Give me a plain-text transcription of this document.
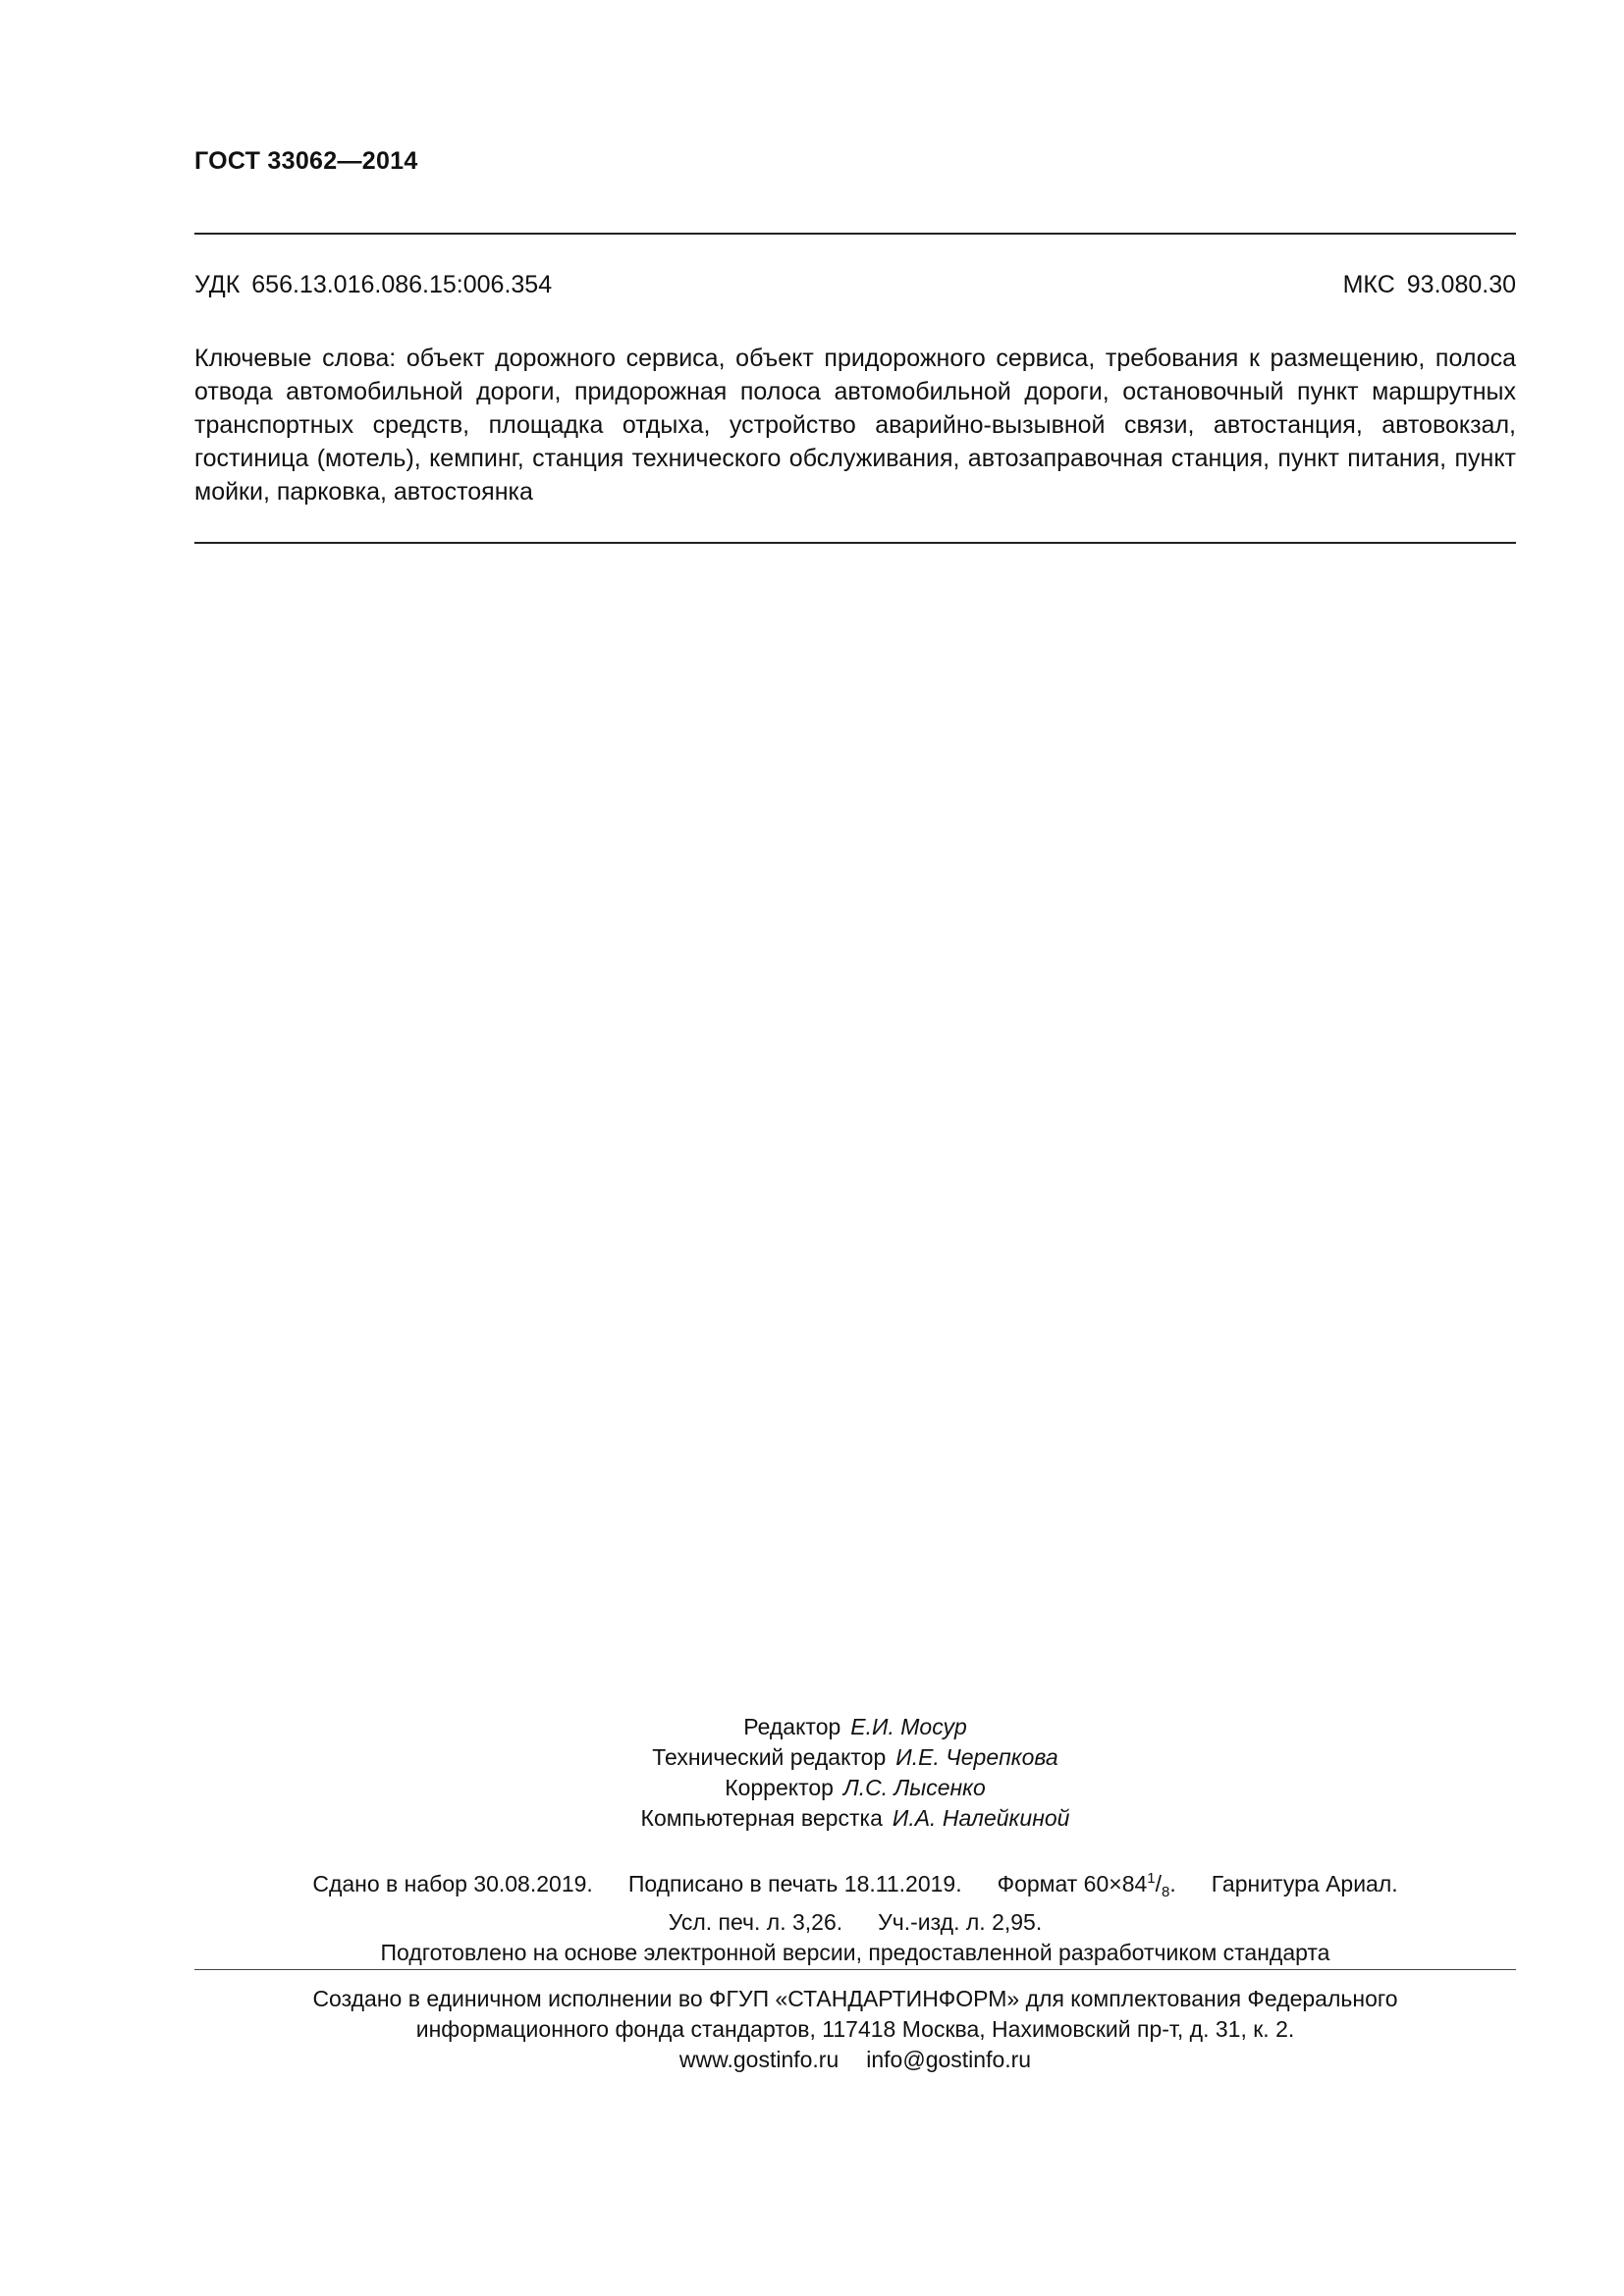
ГОСТ 33062—2014
УДК 656.13.016.086.15:006.354	МКС 93.080.30
Ключевые слова: объект дорожного сервиса, объект придорожного сервиса, требования к размещению, полоса отвода автомобильной дороги, придорожная полоса автомобильной дороги, остановочный пункт маршрутных транспортных средств, площадка отдыха, устройство аварийно-вызывной связи, автостанция, автовокзал, гостиница (мотель), кемпинг, станция технического обслуживания, автозаправочная станция, пункт питания, пункт мойки, парковка, автостоянка
Редактор Е.И. Мосур
Технический редактор И.Е. Черепкова
Корректор Л.С. Лысенко
Компьютерная верстка И.А. Налейкиной
Сдано в набор 30.08.2019. Подписано в печать 18.11.2019. Формат $60\times 84^1/_8$. Гарнитура Ариал.
Усл. печ. л. 3,26. Уч.-изд. л. 2,95.
Подготовлено на основе электронной версии, предоставленной разработчиком стандарта
Создано в единичном исполнении во ФГУП «СТАНДАРТИНФОРМ» для комплектования Федерального
информационного фонда стандартов, 117418 Москва, Нахимовский пр-т, д. 31, к. 2.
www.gostinfo.ru info@gostinfo.ru
